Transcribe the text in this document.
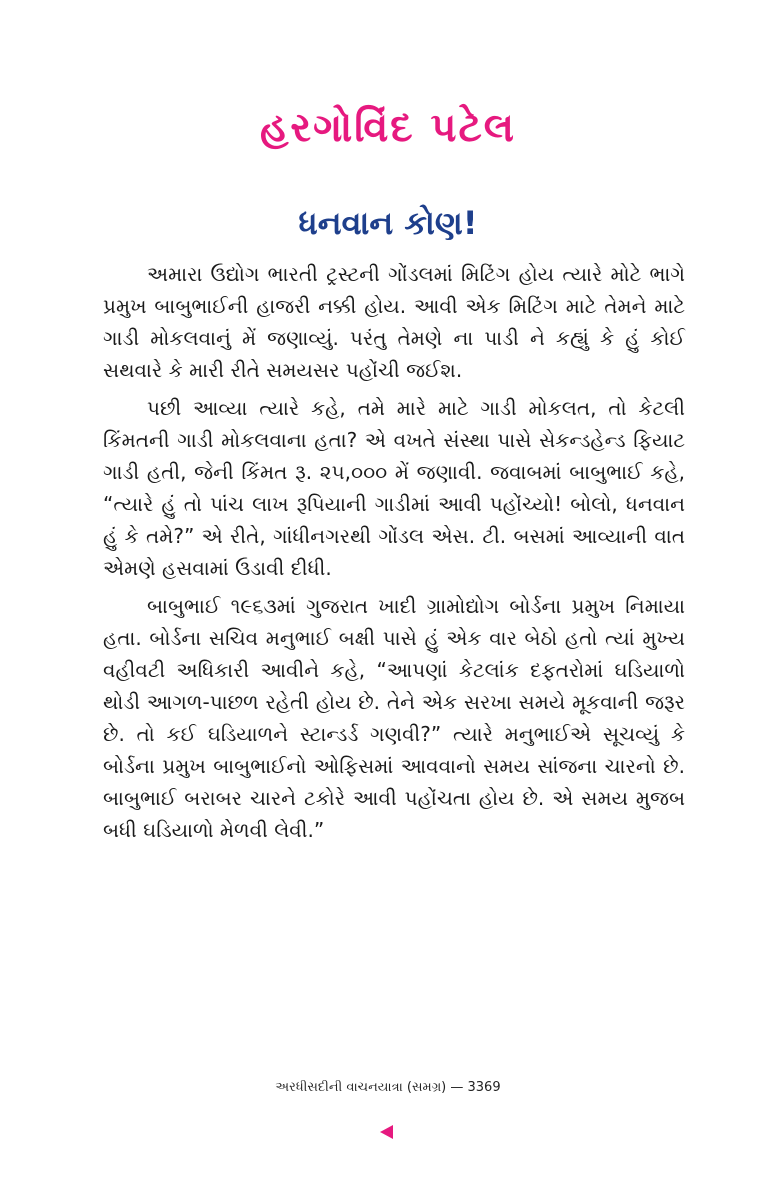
હરગોવિંદ પટેલ
ધનવાન કોણ!

અમારા ઉદ્યોગ ભારતી ટ્રસ્ટની ગોંડલમાં મિટિંગ હોય ત્યારે મોટે ભાગે પ્રમુખ બાબુભાઈની હાજરી નક્કી હોય. આવી એક મિટિંગ માટે તેમને માટે ગાડી મોકલવાનું મેં જણાવ્યું. પરંતુ તેમણે ના પાડી ને કહ્યું કે હું કોઈ સથવારે કે મારી રીતે સમયસર પહોંચી જઈશ.

પછી આવ્યા ત્યારે કહે, તમે મારે માટે ગાડી મોકલત, તો કેટલી કિંમતની ગાડી મોકલવાના હતા? એ વખતે સંસ્થા પાસે સેકન્ડહેન્ડ ફિયાટ ગાડી હતી, જેની કિંમત રૂ. ૨૫,૦૦૦ મેં જણાવી. જવાબમાં બાબુભાઈ કહે, “ત્યારે હું તો પાંચ લાખ રૂપિયાની ગાડીમાં આવી પહોંચ્યો! બોલો, ધનવાન હું કે તમે?” એ રીતે, ગાંધીનગરથી ગોંડલ એસ. ટી. બસમાં આવ્યાની વાત એમણે હસવામાં ઉડાવી દીધી.

બાબુભાઈ ૧૯૬૩માં ગુજરાત ખાદી ગ્રામોદ્યોગ બોર્ડના પ્રમુખ નિમાયા હતા. બોર્ડના સચિવ મનુભાઈ બક્ષી પાસે હું એક વાર બેઠો હતો ત્યાં મુખ્ય વહીવટી અધિકારી આવીને કહે, “આપણાં કેટલાંક દફતરોમાં ઘડિયાળો થોડી આગળ-પાછળ રહેતી હોય છે. તેને એક સરખા સમયે મૂકવાની જરૂર છે. તો કઈ ઘડિયાળને સ્ટાન્ડર્ડ ગણવી?” ત્યારે મનુભાઈએ સૂચવ્યું કે બોર્ડના પ્રમુખ બાબુભાઈનો ઓફિસમાં આવવાનો સમય સાંજના ચારનો છે. બાબુભાઈ બરાબર ચારને ટકોરે આવી પહોંચતા હોય છે. એ સમય મુજબ બધી ઘડિયાળો મેળવી લેવી.”

અરધીસદીની વાચનયાત્રા (સમગ્ર) — 3369
